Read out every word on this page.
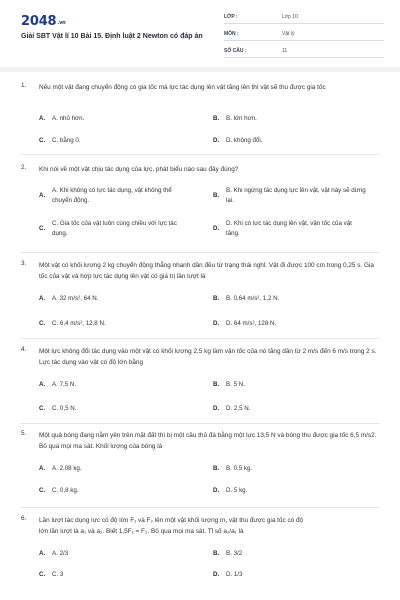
2048.vn
Giải SBT Vật lí 10 Bài 15. Định luật 2 Newton có đáp án
LỚP :	Lớp 10
MÔN :	Vật lý
SỐ CÂU :	11
1. Nếu một vật đang chuyển động có gia tốc mà lực tác dụng lên vật tăng lên thì vật sẽ thu được gia tốc
A. A. nhỏ hơn.	B. B. lớn hơn.
C. C. bằng 0.	D. D. không đổi.
2. Khi nói về một vật chịu tác dụng của lực, phát biểu nào sau đây đúng?
A.
A. Khi không có lực tác dụng, vật không thể chuyển động.
B.
B. Khi ngừng tác dụng lực lên vật, vật này sẽ dừng lại.
C.
C. Gia tốc của vật luôn cùng chiều với lực tác dụng.
D.
D. Khi có lực tác dụng lên vật, vận tốc của vật tăng.
3. Một vật có khối lượng 2 kg chuyển động thẳng nhanh dần đều từ trạng thái nghỉ. Vật đi được 100 cm trong 0,25 s. Gia tốc của vật và hợp lực tác dụng lên vật có giá trị lần lượt là
A. A. 32 m/s², 64 N.	B. B. 0,64 m/s², 1,2 N.
C. C. 6,4 m/s², 12,8 N.	D. D. 64 m/s², 128 N.
4. Một lực không đổi tác dụng vào một vật có khối lượng 2,5 kg làm vận tốc của nó tăng dần từ 2 m/s đến 6 m/s trong 2 s. Lực tác dụng vào vật có độ lớn bằng
A. A. 7,5 N.	B. B. 5 N.
C. C. 0,5 N.	D. D. 2,5 N.
5. Một quả bóng đang nằm yên trên mặt đất thì bị một cầu thủ đá bằng một lực 13,5 N và bóng thu được gia tốc 6,5 m/s2. Bỏ qua mọi ma sát. Khối lượng của bóng là
A. A. 2,08 kg.	B. B. 0,5 kg.
C. C. 0,8 kg.	D. D. 5 kg.
6. Lần lượt tác dụng lực có độ lớn F₁ và F₂ lên một vật khối lượng m, vật thu được gia tốc có độ
lớn lần lượt là a₁ và a₂. Biết 1,5F₁ = F₂. Bỏ qua mọi ma sát. Tỉ số a₂/a₁ là
A. A. 2/3	B. B. 3/2
C. C. 3	D. D. 1/3
